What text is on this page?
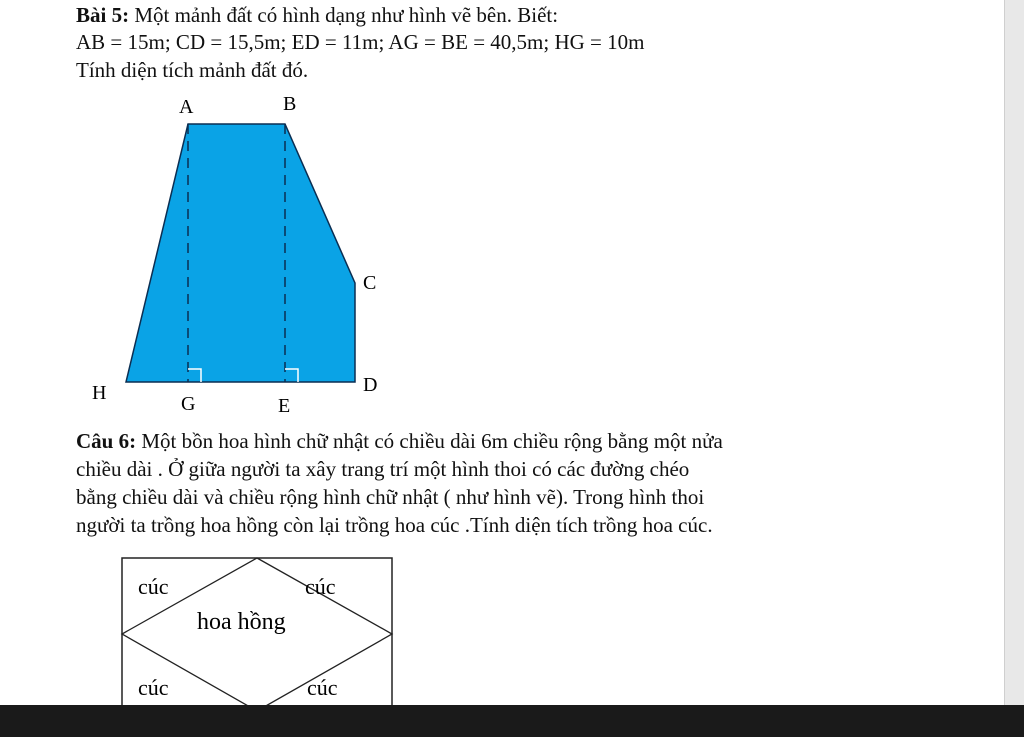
Bài 5: Một mảnh đất có hình dạng như hình vẽ bên. Biết:
AB = 15m; CD = 15,5m; ED = 11m; AG = BE = 40,5m; HG = 10m
Tính diện tích mảnh đất đó.
A	B
C
D
H	G	E
Câu 6: Một bồn hoa hình chữ nhật có chiều dài 6m chiều rộng bằng một nửa
chiều dài . Ở giữa người ta xây trang trí một hình thoi có các đường chéo
bằng chiều dài và chiều rộng hình chữ nhật ( như hình vẽ). Trong hình thoi
người ta trồng hoa hồng còn lại trồng hoa cúc .Tính diện tích trồng hoa cúc.
cúc	cúc
hoa hồng
cúc	cúc
